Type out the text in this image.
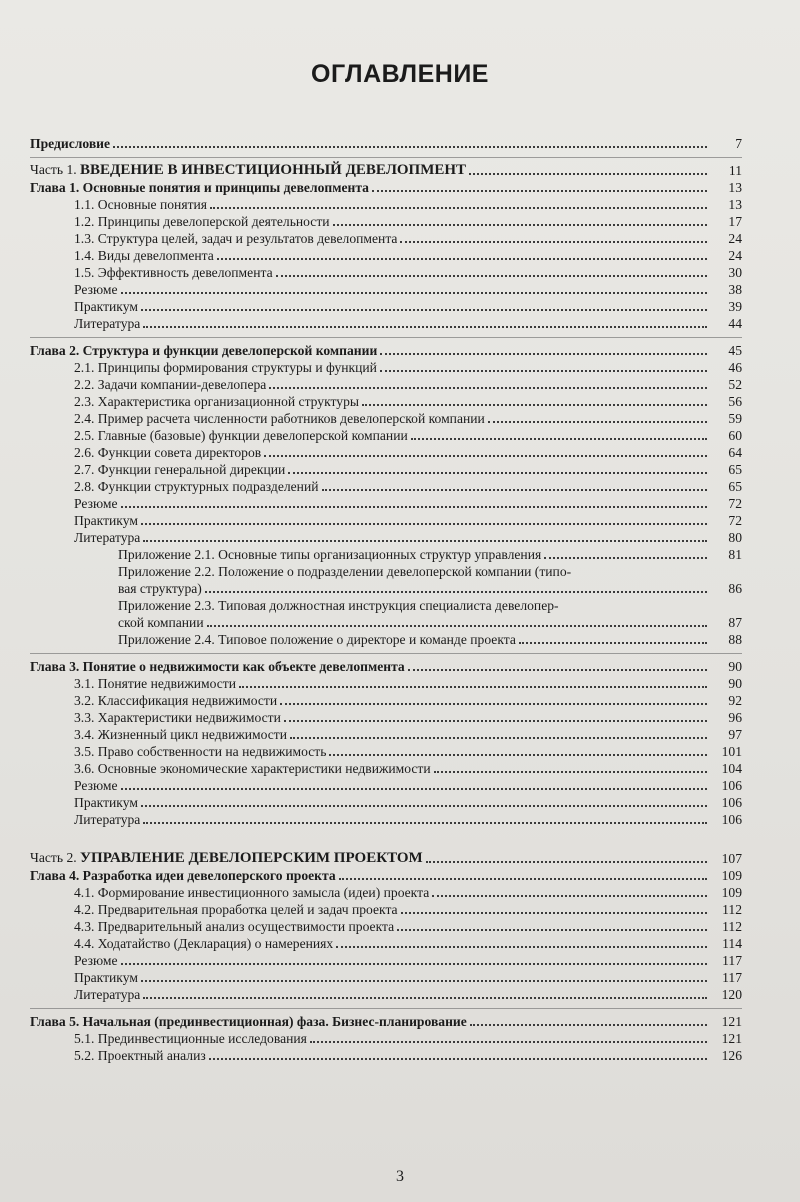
ОГЛАВЛЕНИЕ
Предисловие	7
Часть 1. ВВЕДЕНИЕ В ИНВЕСТИЦИОННЫЙ ДЕВЕЛОПМЕНТ	11
Глава 1. Основные понятия и принципы девелопмента	13
1.1. Основные понятия	13
1.2. Принципы девелоперской деятельности	17
1.3. Структура целей, задач и результатов девелопмента	24
1.4. Виды девелопмента	24
1.5. Эффективность девелопмента	30
Резюме	38
Практикум	39
Литература	44
Глава 2. Структура и функции девелоперской компании	45
2.1. Принципы формирования структуры и функций	46
2.2. Задачи компании-девелопера	52
2.3. Характеристика организационной структуры	56
2.4. Пример расчета численности работников девелоперской компании	59
2.5. Главные (базовые) функции девелоперской компании	60
2.6. Функции совета директоров	64
2.7. Функции генеральной дирекции	65
2.8. Функции структурных подразделений	65
Резюме	72
Практикум	72
Литература	80
Приложение 2.1. Основные типы организационных структур управления	81
Приложение 2.2. Положение о подразделении девелоперской компании (типо-
вая структура)	86
Приложение 2.3. Типовая должностная инструкция специалиста девелопер-
ской компании	87
Приложение 2.4. Типовое положение о директоре и команде проекта	88
Глава 3. Понятие о недвижимости как объекте девелопмента	90
3.1. Понятие недвижимости	90
3.2. Классификация недвижимости	92
3.3. Характеристики недвижимости	96
3.4. Жизненный цикл недвижимости	97
3.5. Право собственности на недвижимость	101
3.6. Основные экономические характеристики недвижимости	104
Резюме	106
Практикум	106
Литература	106
Часть 2. УПРАВЛЕНИЕ ДЕВЕЛОПЕРСКИМ ПРОЕКТОМ	107
Глава 4. Разработка идеи девелоперского проекта	109
4.1. Формирование инвестиционного замысла (идеи) проекта	109
4.2. Предварительная проработка целей и задач проекта	112
4.3. Предварительный анализ осуществимости проекта	112
4.4. Ходатайство (Декларация) о намерениях	114
Резюме	117
Практикум	117
Литература	120
Глава 5. Начальная (прединвестиционная) фаза. Бизнес-планирование	121
5.1. Прединвестиционные исследования	121
5.2. Проектный анализ	126

3
